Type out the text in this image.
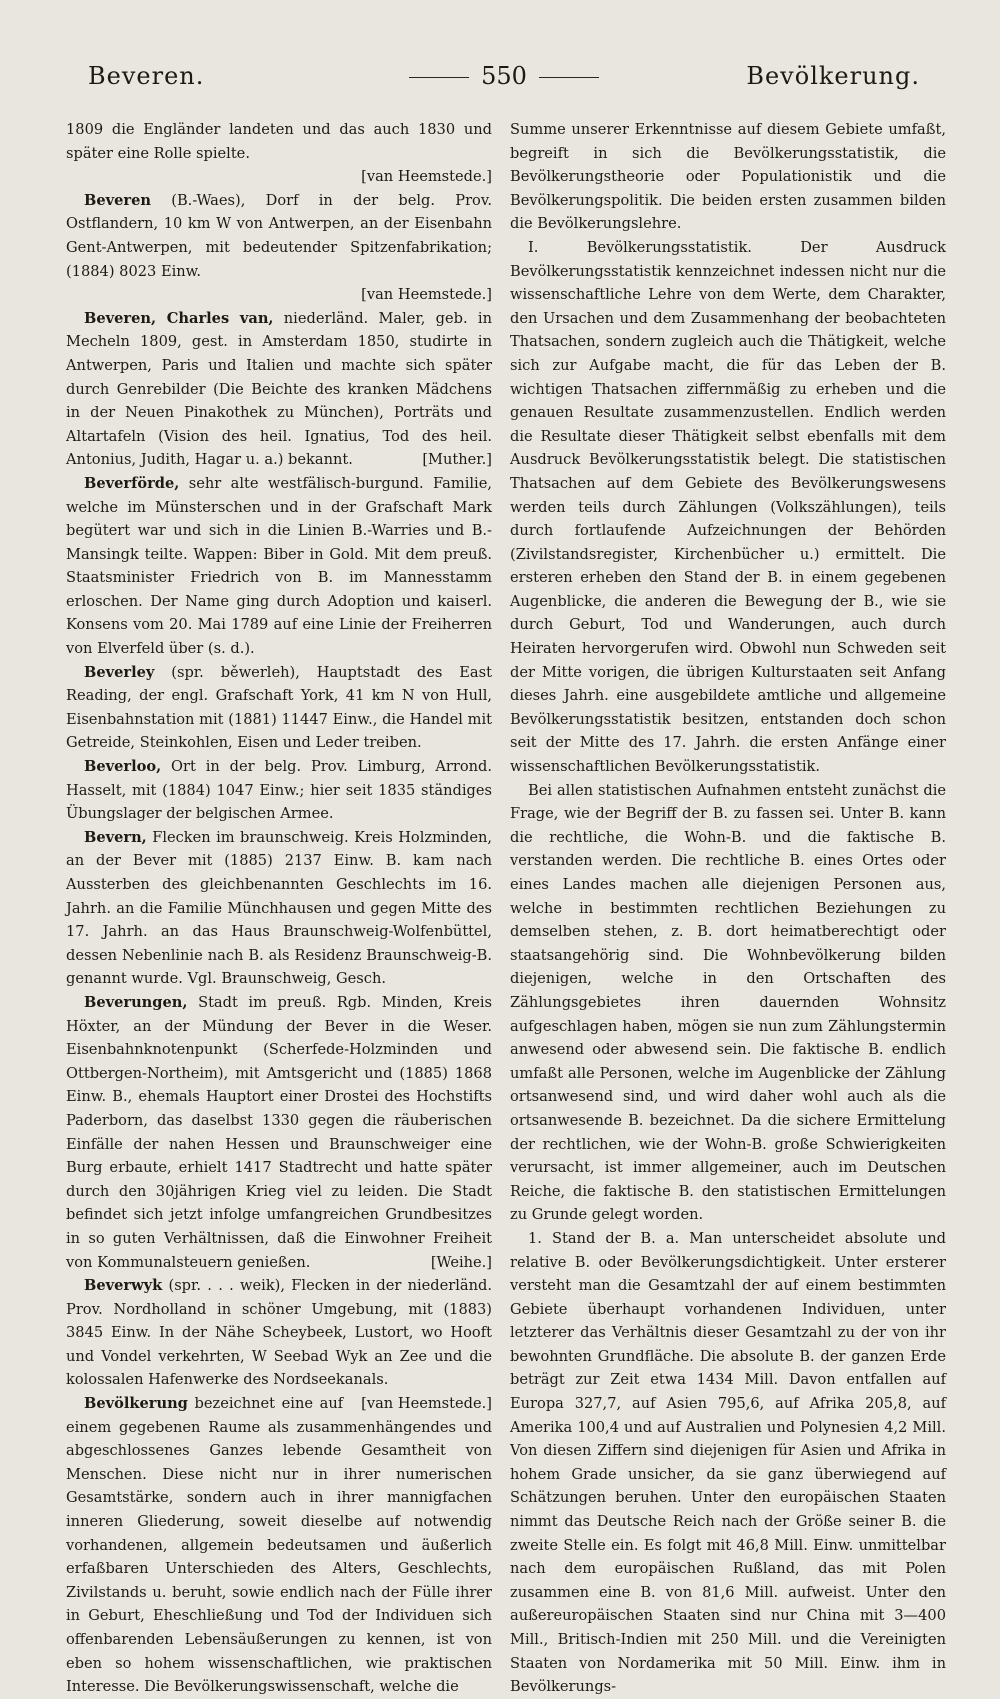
Beveren.	550	Bevölkerung.

1809 die Engländer landeten und das auch 1830 und später eine Rolle spielte.
[van Heemstede.]

Beveren (B.-Waes), Dorf in der belg. Prov. Ostflandern, 10 km W von Antwerpen, an der Eisenbahn Gent-Antwerpen, mit bedeutender Spitzenfabrikation; (1884) 8023 Einw.
[van Heemstede.]

Beveren, Charles van, niederländ. Maler, geb. in Mecheln 1809, gest. in Amsterdam 1850, studirte in Antwerpen, Paris und Italien und machte sich später durch Genrebilder (Die Beichte des kranken Mädchens in der Neuen Pinakothek zu München), Porträts und Altartafeln (Vision des heil. Ignatius, Tod des heil. Antonius, Judith, Hagar u. a.) bekannt.	[Muther.]

Beverförde, sehr alte westfälisch-burgund. Familie, welche im Münsterschen und in der Grafschaft Mark begütert war und sich in die Linien B.-Warries und B.-Mansingk teilte. Wappen: Biber in Gold. Mit dem preuß. Staatsminister Friedrich von B. im Mannesstamm erloschen. Der Name ging durch Adoption und kaiserl. Konsens vom 20. Mai 1789 auf eine Linie der Freiherren von Elverfeld über (s. d.).

Beverley (spr. běwerleh), Hauptstadt des East Reading, der engl. Grafschaft York, 41 km N von Hull, Eisenbahnstation mit (1881) 11447 Einw., die Handel mit Getreide, Steinkohlen, Eisen und Leder treiben.

Beverloo, Ort in der belg. Prov. Limburg, Arrond. Hasselt, mit (1884) 1047 Einw.; hier seit 1835 ständiges Übungslager der belgischen Armee.

Bevern, Flecken im braunschweig. Kreis Holzminden, an der Bever mit (1885) 2137 Einw. B. kam nach Aussterben des gleichbenannten Geschlechts im 16. Jahrh. an die Familie Münchhausen und gegen Mitte des 17. Jahrh. an das Haus Braunschweig-Wolfenbüttel, dessen Nebenlinie nach B. als Residenz Braunschweig-B. genannt wurde. Vgl. Braunschweig, Gesch.

Beverungen, Stadt im preuß. Rgb. Minden, Kreis Höxter, an der Mündung der Bever in die Weser. Eisenbahnknotenpunkt (Scherfede-Holzminden und Ottbergen-Northeim), mit Amtsgericht und (1885) 1868 Einw. B., ehemals Hauptort einer Drostei des Hochstifts Paderborn, das daselbst 1330 gegen die räuberischen Einfälle der nahen Hessen und Braunschweiger eine Burg erbaute, erhielt 1417 Stadtrecht und hatte später durch den 30jährigen Krieg viel zu leiden. Die Stadt befindet sich jetzt infolge umfangreichen Grundbesitzes in so guten Verhältnissen, daß die Einwohner Freiheit von Kommunalsteuern genießen.	[Weihe.]

Beverwyk (spr. . . . weik), Flecken in der niederländ. Prov. Nordholland in schöner Umgebung, mit (1883) 3845 Einw. In der Nähe Scheybeek, Lustort, wo Hooft und Vondel verkehrten, W Seebad Wyk an Zee und die kolossalen Hafenwerke des Nordseekanals.
[van Heemstede.]

Bevölkerung bezeichnet eine auf einem gegebenen Raume als zusammenhängendes und abgeschlossenes Ganzes lebende Gesamtheit von Menschen. Diese nicht nur in ihrer numerischen Gesamtstärke, sondern auch in ihrer mannigfachen inneren Gliederung, soweit dieselbe auf notwendig vorhandenen, allgemein bedeutsamen und äußerlich erfaßbaren Unterschieden des Alters, Geschlechts, Zivilstands u. beruht, sowie endlich nach der Fülle ihrer in Geburt, Eheschließung und Tod der Individuen sich offenbarenden Lebensäußerungen zu kennen, ist von eben so hohem wissenschaftlichen, wie praktischen Interesse. Die Bevölkerungswissenschaft, welche die

Summe unserer Erkenntnisse auf diesem Gebiete umfaßt, begreift in sich die Bevölkerungsstatistik, die Bevölkerungstheorie oder Populationistik und die Bevölkerungspolitik. Die beiden ersten zusammen bilden die Bevölkerungslehre.

I. Bevölkerungsstatistik. Der Ausdruck Bevölkerungsstatistik kennzeichnet indessen nicht nur die wissenschaftliche Lehre von dem Werte, dem Charakter, den Ursachen und dem Zusammenhang der beobachteten Thatsachen, sondern zugleich auch die Thätigkeit, welche sich zur Aufgabe macht, die für das Leben der B. wichtigen Thatsachen ziffernmäßig zu erheben und die genauen Resultate zusammenzustellen. Endlich werden die Resultate dieser Thätigkeit selbst ebenfalls mit dem Ausdruck Bevölkerungsstatistik belegt. Die statistischen Thatsachen auf dem Gebiete des Bevölkerungswesens werden teils durch Zählungen (Volkszählungen), teils durch fortlaufende Aufzeichnungen der Behörden (Zivilstandsregister, Kirchenbücher u.) ermittelt. Die ersteren erheben den Stand der B. in einem gegebenen Augenblicke, die anderen die Bewegung der B., wie sie durch Geburt, Tod und Wanderungen, auch durch Heiraten hervorgerufen wird. Obwohl nun Schweden seit der Mitte vorigen, die übrigen Kulturstaaten seit Anfang dieses Jahrh. eine ausgebildete amtliche und allgemeine Bevölkerungsstatistik besitzen, entstanden doch schon seit der Mitte des 17. Jahrh. die ersten Anfänge einer wissenschaftlichen Bevölkerungsstatistik.

Bei allen statistischen Aufnahmen entsteht zunächst die Frage, wie der Begriff der B. zu fassen sei. Unter B. kann die rechtliche, die Wohn-B. und die faktische B. verstanden werden. Die rechtliche B. eines Ortes oder eines Landes machen alle diejenigen Personen aus, welche in bestimmten rechtlichen Beziehungen zu demselben stehen, z. B. dort heimatberechtigt oder staatsangehörig sind. Die Wohnbevölkerung bilden diejenigen, welche in den Ortschaften des Zählungsgebietes ihren dauernden Wohnsitz aufgeschlagen haben, mögen sie nun zum Zählungstermin anwesend oder abwesend sein. Die faktische B. endlich umfaßt alle Personen, welche im Augenblicke der Zählung ortsanwesend sind, und wird daher wohl auch als die ortsanwesende B. bezeichnet. Da die sichere Ermittelung der rechtlichen, wie der Wohn-B. große Schwierigkeiten verursacht, ist immer allgemeiner, auch im Deutschen Reiche, die faktische B. den statistischen Ermittelungen zu Grunde gelegt worden.

1. Stand der B. a. Man unterscheidet absolute und relative B. oder Bevölkerungsdichtigkeit. Unter ersterer versteht man die Gesamtzahl der auf einem bestimmten Gebiete überhaupt vorhandenen Individuen, unter letzterer das Verhältnis dieser Gesamtzahl zu der von ihr bewohnten Grundfläche. Die absolute B. der ganzen Erde beträgt zur Zeit etwa 1434 Mill. Davon entfallen auf Europa 327,7, auf Asien 795,6, auf Afrika 205,8, auf Amerika 100,4 und auf Australien und Polynesien 4,2 Mill. Von diesen Ziffern sind diejenigen für Asien und Afrika in hohem Grade unsicher, da sie ganz überwiegend auf Schätzungen beruhen. Unter den europäischen Staaten nimmt das Deutsche Reich nach der Größe seiner B. die zweite Stelle ein. Es folgt mit 46,8 Mill. Einw. unmittelbar nach dem europäischen Rußland, das mit Polen zusammen eine B. von 81,6 Mill. aufweist. Unter den außereuropäischen Staaten sind nur China mit 3—400 Mill., Britisch-Indien mit 250 Mill. und die Vereinigten Staaten von Nordamerika mit 50 Mill. Einw. ihm in Bevölkerungs-
